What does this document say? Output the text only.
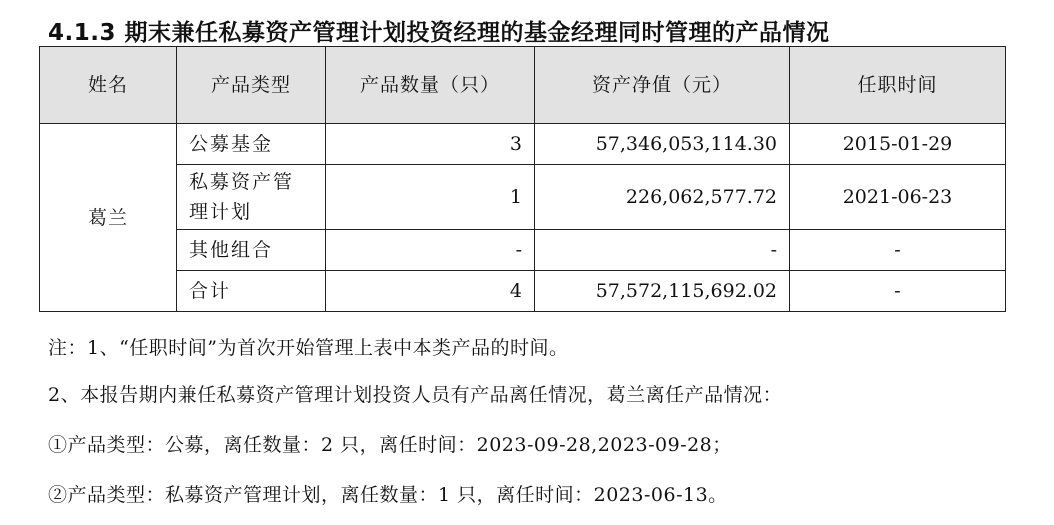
4.1.3 期末兼任私募资产管理计划投资经理的基金经理同时管理的产品情况
姓名	产品类型	产品数量（只）	资产净值（元）	任职时间
葛兰	公募基金	3	57,346,053,114.30	2015-01-29
	私募资产管理计划	1	226,062,577.72	2021-06-23
	其他组合	-	-	-
	合计	4	57,572,115,692.02	-
注：1、“任职时间”为首次开始管理上表中本类产品的时间。
2、本报告期内兼任私募资产管理计划投资人员有产品离任情况，葛兰离任产品情况：
①产品类型：公募，离任数量：2 只，离任时间：2023-09-28,2023-09-28；
②产品类型：私募资产管理计划，离任数量：1 只，离任时间：2023-06-13。
